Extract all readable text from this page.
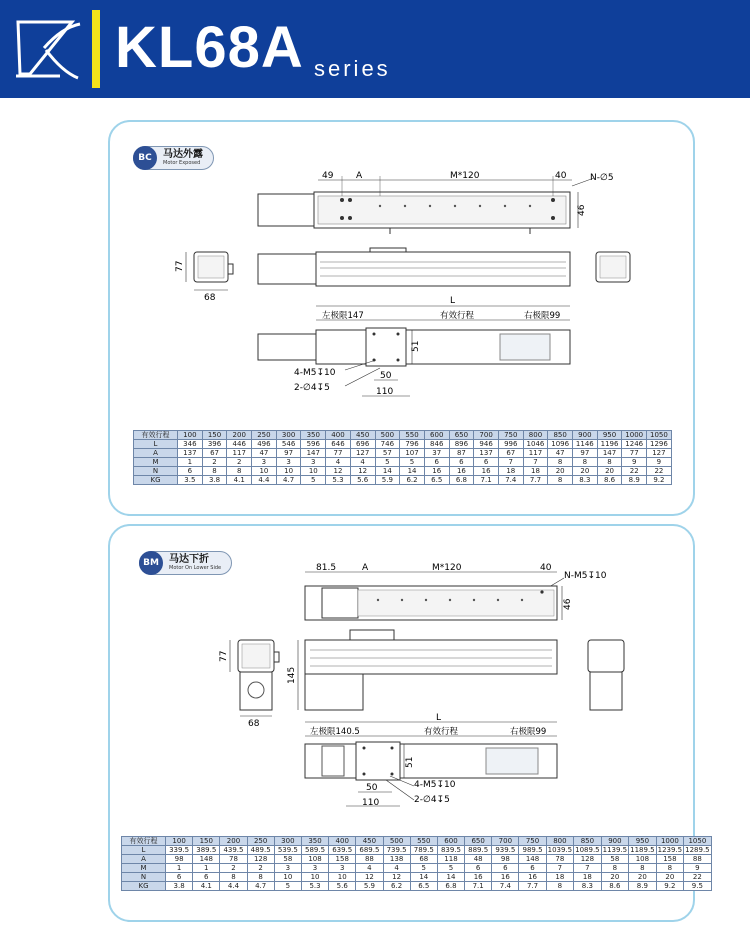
KL68A series
BC	马达外露
Motor Exposed
49	A	M*120	40	N-∅5
46
77
68	L
左极限147	有效行程	右极限99
51
4-M5↧10	50
2-∅4↧5	110
有效行程	100	150	200	250	300	350	400	450	500	550	600	650	700	750	800	850	900	950	1000	1050
L	346	396	446	496	546	596	646	696	746	796	846	896	946	996	1046	1096	1146	1196	1246	1296
A	137	67	117	47	97	147	77	127	57	107	37	87	137	67	117	47	97	147	77	127
M	1	2	2	3	3	3	4	4	5	5	6	6	6	7	7	8	8	8	9	9
N	6	8	8	10	10	10	12	12	14	14	16	16	16	18	18	20	20	20	22	22
KG	3.5	3.8	4.1	4.4	4.7	5	5.3	5.6	5.9	6.2	6.5	6.8	7.1	7.4	7.7	8	8.3	8.6	8.9	9.2
BM	马达下折
Motor On Lower Side	81.5	A	M*120	40
N-M5↧10
46
145
77
68
L
左极限140.5	有效行程	右极限99
51
50	4-M5↧10
110	2-∅4↧5
有效行程	100	150	200	250	300	350	400	450	500	550	600	650	700	750	800	850	900	950	1000	1050
L	339.5	389.5	439.5	489.5	539.5	589.5	639.5	689.5	739.5	789.5	839.5	889.5	939.5	989.5	1039.5	1089.5	1139.5	1189.5	1239.5	1289.5
A	98	148	78	128	58	108	158	88	138	68	118	48	98	148	78	128	58	108	158	88
M	1	1	2	2	3	3	3	4	4	5	5	6	6	6	7	7	8	8	8	9
N	6	6	8	8	10	10	10	12	12	14	14	16	16	16	18	18	20	20	20	22
KG	3.8	4.1	4.4	4.7	5	5.3	5.6	5.9	6.2	6.5	6.8	7.1	7.4	7.7	8	8.3	8.6	8.9	9.2	9.5
